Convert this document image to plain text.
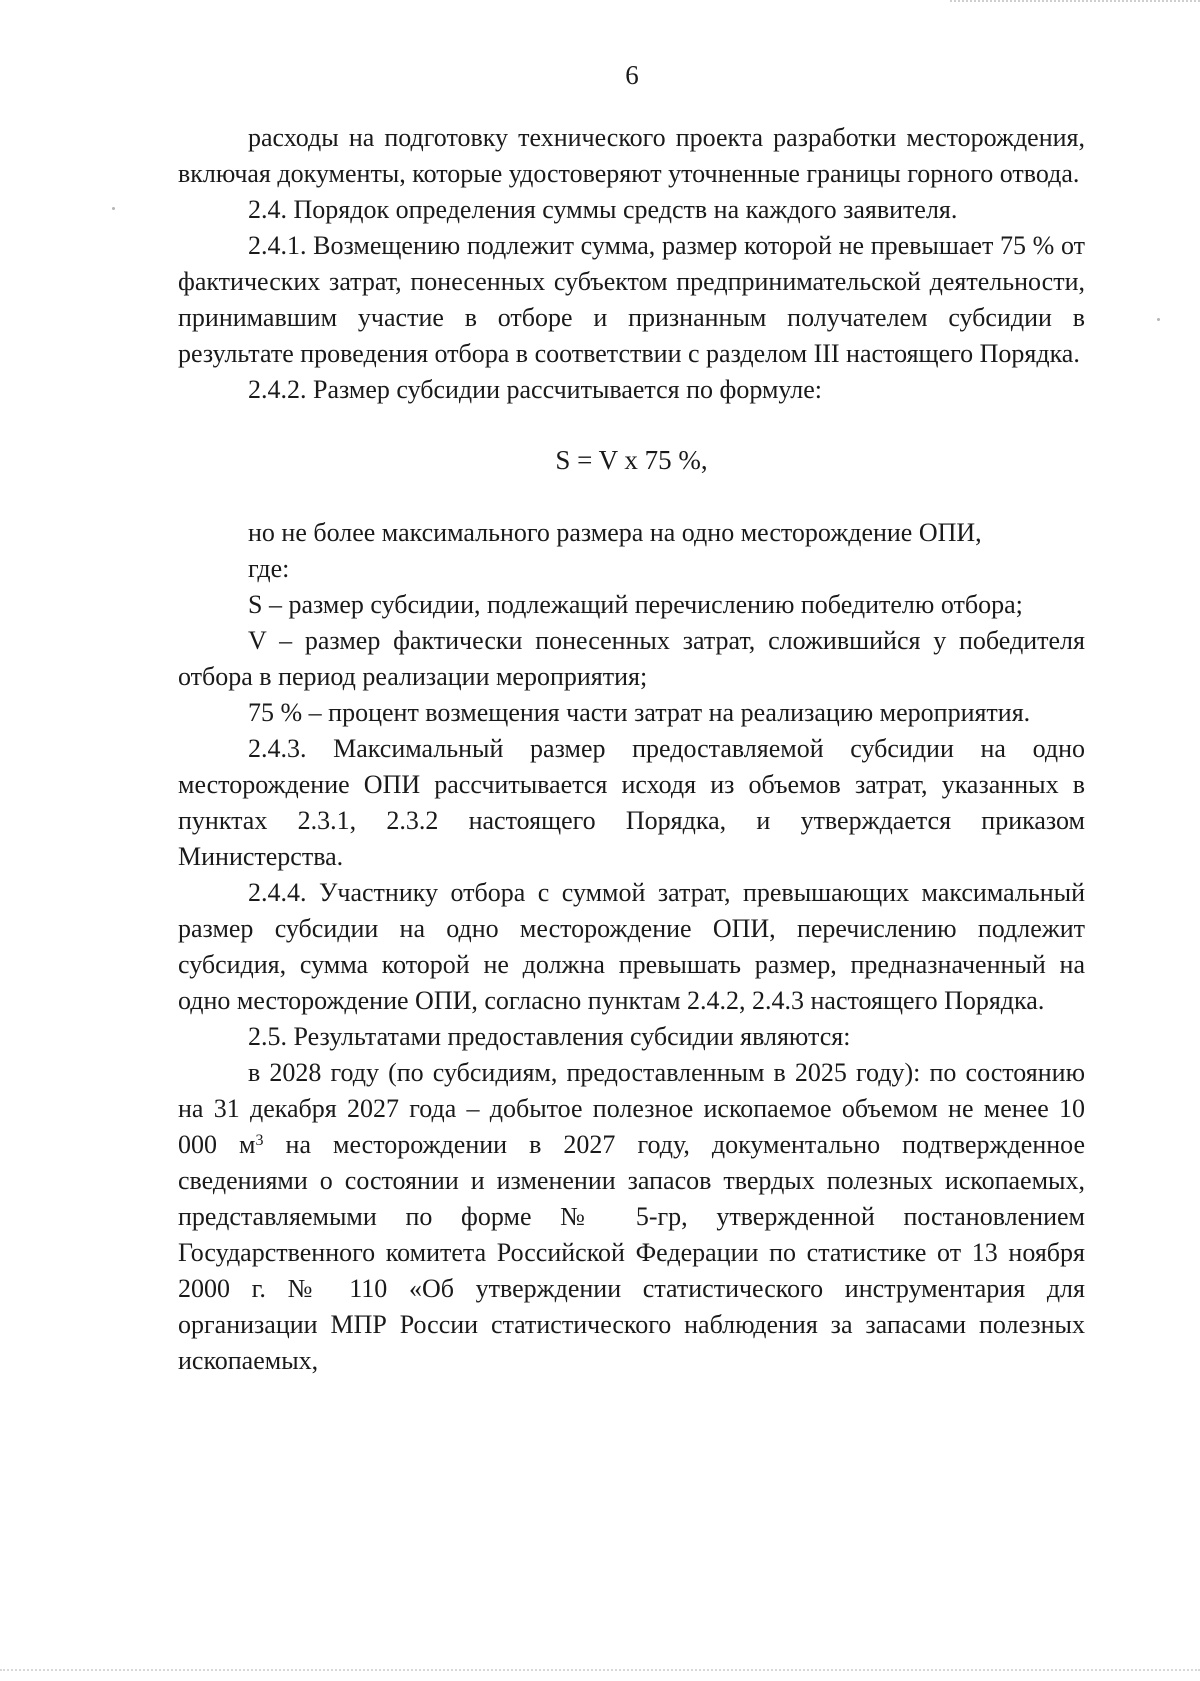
6

расходы на подготовку технического проекта разработки месторождения, включая документы, которые удостоверяют уточненные границы горного отвода.

2.4. Порядок определения суммы средств на каждого заявителя.

2.4.1. Возмещению подлежит сумма, размер которой не превышает 75 % от фактических затрат, понесенных субъектом предпринимательской деятельности, принимавшим участие в отборе и признанным получателем субсидии в результате проведения отбора в соответствии с разделом III настоящего Порядка.

2.4.2. Размер субсидии рассчитывается по формуле:

S = V x 75 %,

но не более максимального размера на одно месторождение ОПИ,

где:

S – размер субсидии, подлежащий перечислению победителю отбора;

V – размер фактически понесенных затрат, сложившийся у победителя отбора в период реализации мероприятия;

75 % – процент возмещения части затрат на реализацию мероприятия.

2.4.3. Максимальный размер предоставляемой субсидии на одно месторождение ОПИ рассчитывается исходя из объемов затрат, указанных в пунктах 2.3.1, 2.3.2 настоящего Порядка, и утверждается приказом Министерства.

2.4.4. Участнику отбора с суммой затрат, превышающих максимальный размер субсидии на одно месторождение ОПИ, перечислению подлежит субсидия, сумма которой не должна превышать размер, предназначенный на одно месторождение ОПИ, согласно пунктам 2.4.2, 2.4.3 настоящего Порядка.

2.5. Результатами предоставления субсидии являются:

в 2028 году (по субсидиям, предоставленным в 2025 году): по состоянию на 31 декабря 2027 года – добытое полезное ископаемое объемом не менее 10 000 $м^3$ на месторождении в 2027 году, документально подтвержденное сведениями о состоянии и изменении запасов твердых полезных ископаемых, представляемыми по форме № 5-гр, утвержденной постановлением Государственного комитета Российской Федерации по статистике от 13 ноября 2000 г. № 110 «Об утверждении статистического инструментария для организации МПР России статистического наблюдения за запасами полезных ископаемых,
